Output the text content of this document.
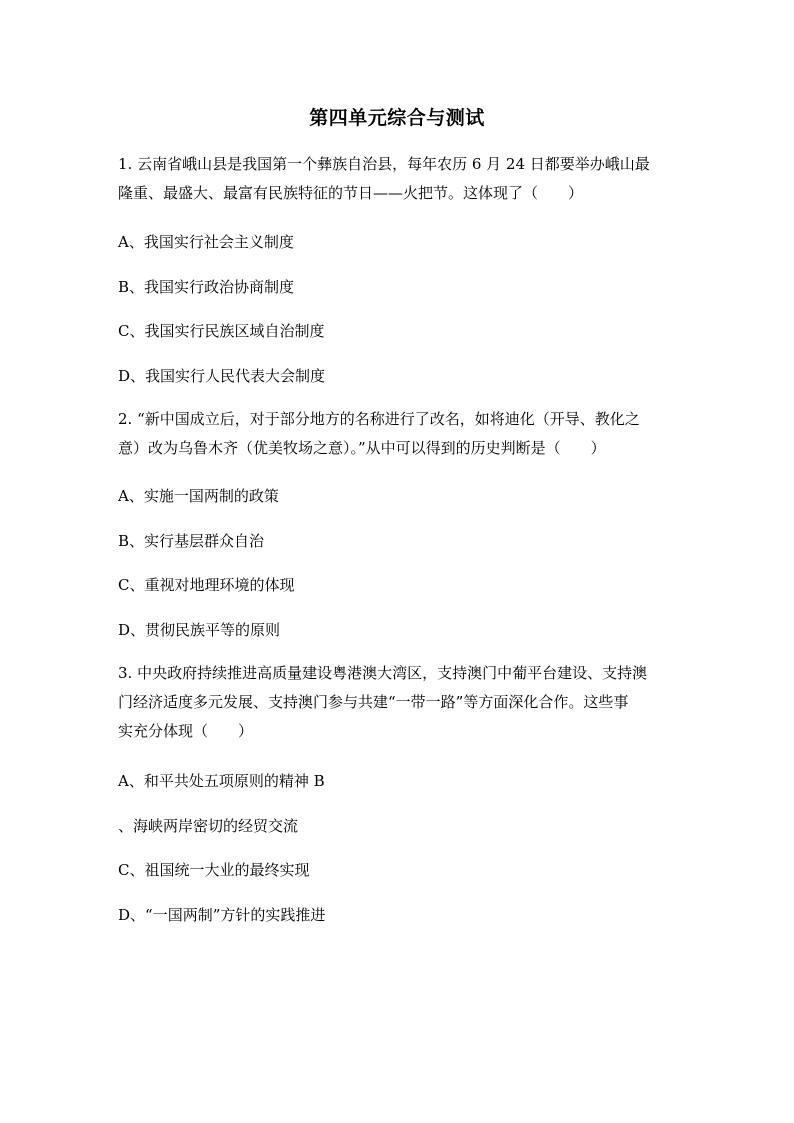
第四单元综合与测试
1. 云南省峨山县是我国第一个彝族自治县，每年农历 6 月 24 日都要举办峨山最
隆重、最盛大、最富有民族特征的节日——火把节。这体现了（　　）
A、我国实行社会主义制度
B、我国实行政治协商制度
C、我国实行民族区域自治制度
D、我国实行人民代表大会制度
2. “新中国成立后，对于部分地方的名称进行了改名，如将迪化（开导、教化之
意）改为乌鲁木齐（优美牧场之意）。”从中可以得到的历史判断是（　　）
A、实施一国两制的政策
B、实行基层群众自治
C、重视对地理环境的体现
D、贯彻民族平等的原则
3. 中央政府持续推进高质量建设粤港澳大湾区，支持澳门中葡平台建设、支持澳
门经济适度多元发展、支持澳门参与共建“一带一路”等方面深化合作。这些事
实充分体现（　　）
A、和平共处五项原则的精神 B
、海峡两岸密切的经贸交流
C、祖国统一大业的最终实现
D、“一国两制”方针的实践推进
